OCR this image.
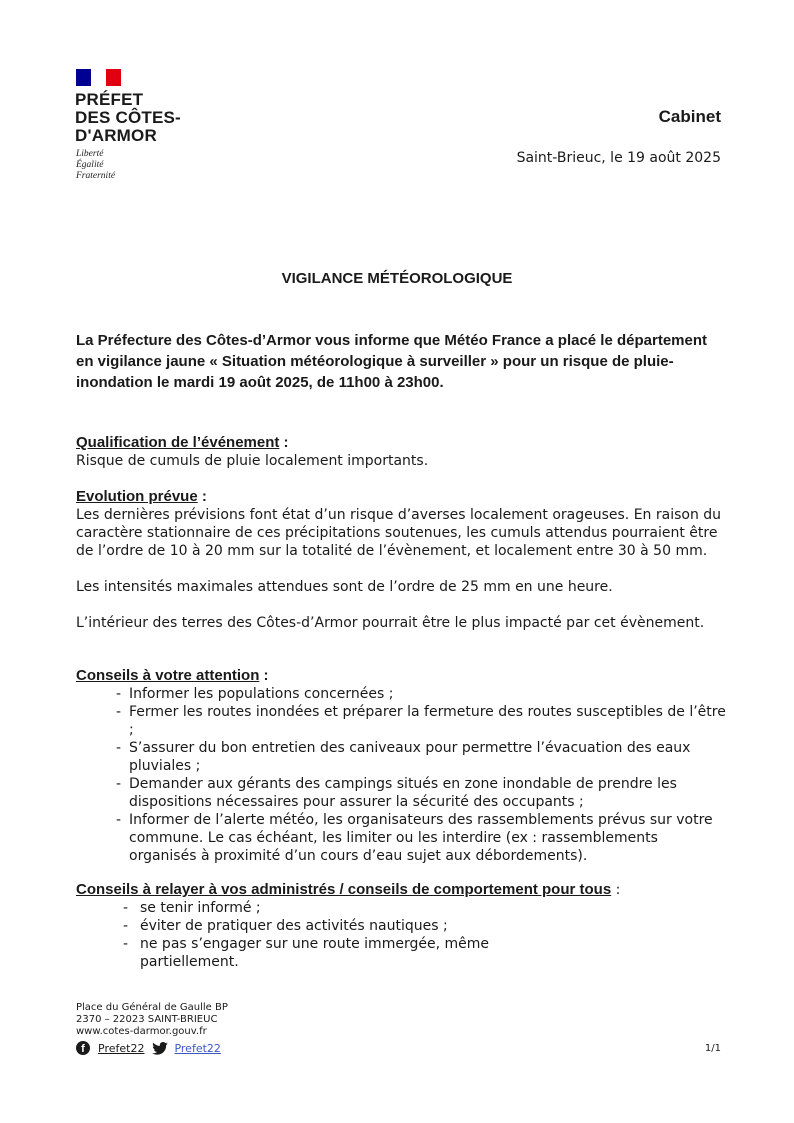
PRÉFET
DES CÔTES-
D'ARMOR
Liberté
Égalité
Fraternité
Cabinet
Saint-Brieuc, le 19 août 2025
VIGILANCE MÉTÉOROLOGIQUE
La Préfecture des Côtes-d’Armor vous informe que Météo France a placé le département en vigilance jaune « Situation météorologique à surveiller » pour un risque de pluie-inondation le mardi 19 août 2025, de 11h00 à 23h00.

Qualification de l’événement :

Risque de cumuls de pluie localement importants.

Evolution prévue :

Les dernières prévisions font état d’un risque d’averses localement orageuses. En raison du caractère stationnaire de ces précipitations soutenues, les cumuls attendus pourraient être de l’ordre de 10 à 20 mm sur la totalité de l’évènement, et localement entre 30 à 50 mm.

Les intensités maximales attendues sont de l’ordre de 25 mm en une heure.

L’intérieur des terres des Côtes-d’Armor pourrait être le plus impacté par cet évènement.

Conseils à votre attention :

- Informer les populations concernées ;
- Fermer les routes inondées et préparer la fermeture des routes susceptibles de l’être ;
- S’assurer du bon entretien des caniveaux pour permettre l’évacuation des eaux pluviales ;
- Demander aux gérants des campings situés en zone inondable de prendre les dispositions nécessaires pour assurer la sécurité des occupants ;
- Informer de l’alerte météo, les organisateurs des rassemblements prévus sur votre commune. Le cas échéant, les limiter ou les interdire (ex : rassemblements organisés à proximité d’un cours d’eau sujet aux débordements).

Conseils à relayer à vos administrés / conseils de comportement pour tous :

- se tenir informé ;
- éviter de pratiquer des activités nautiques ;
- ne pas s’engager sur une route immergée, même partiellement.
Place du Général de Gaulle BP
2370 – 22023 SAINT-BRIEUC
www.cotes-darmor.gouv.fr
f	Prefet22	Prefet22	1/1
